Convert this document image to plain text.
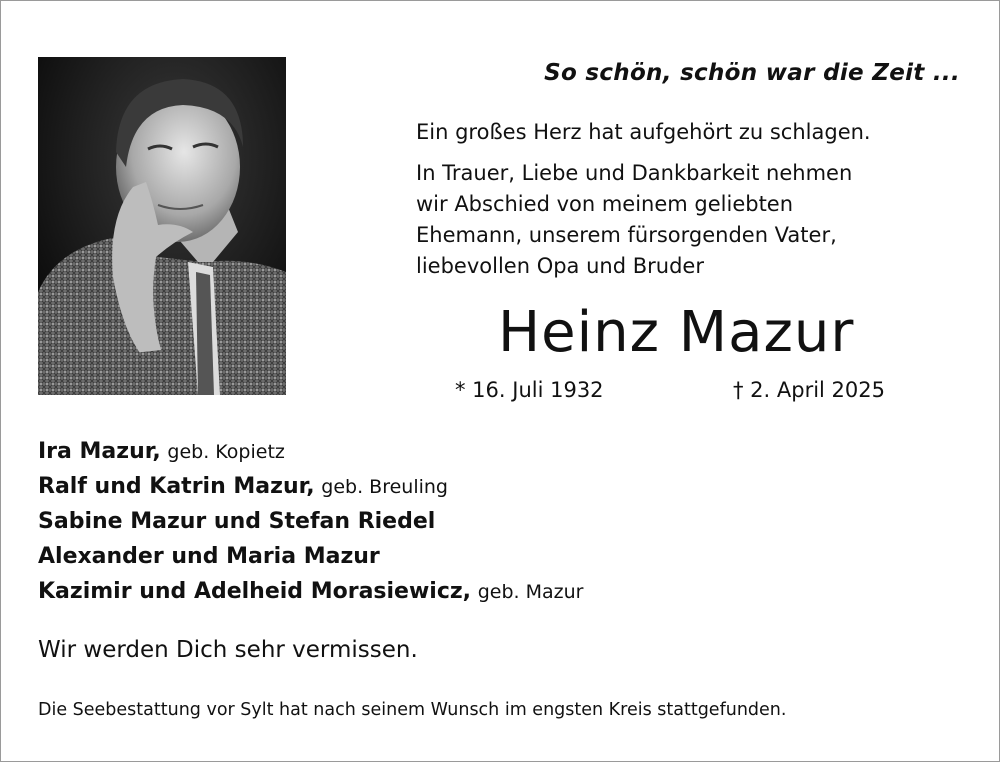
So schön, schön war die Zeit ...
Ein großes Herz hat aufgehört zu schlagen.
In Trauer, Liebe und Dankbarkeit nehmen
wir Abschied von meinem geliebten
Ehemann, unserem fürsorgenden Vater,
liebevollen Opa und Bruder
Heinz Mazur
* 16. Juli 1932	† 2. April 2025
Ira Mazur, geb. Kopietz
Ralf und Katrin Mazur, geb. Breuling
Sabine Mazur und Stefan Riedel
Alexander und Maria Mazur
Kazimir und Adelheid Morasiewicz, geb. Mazur
Wir werden Dich sehr vermissen.
Die Seebestattung vor Sylt hat nach seinem Wunsch im engsten Kreis stattgefunden.
